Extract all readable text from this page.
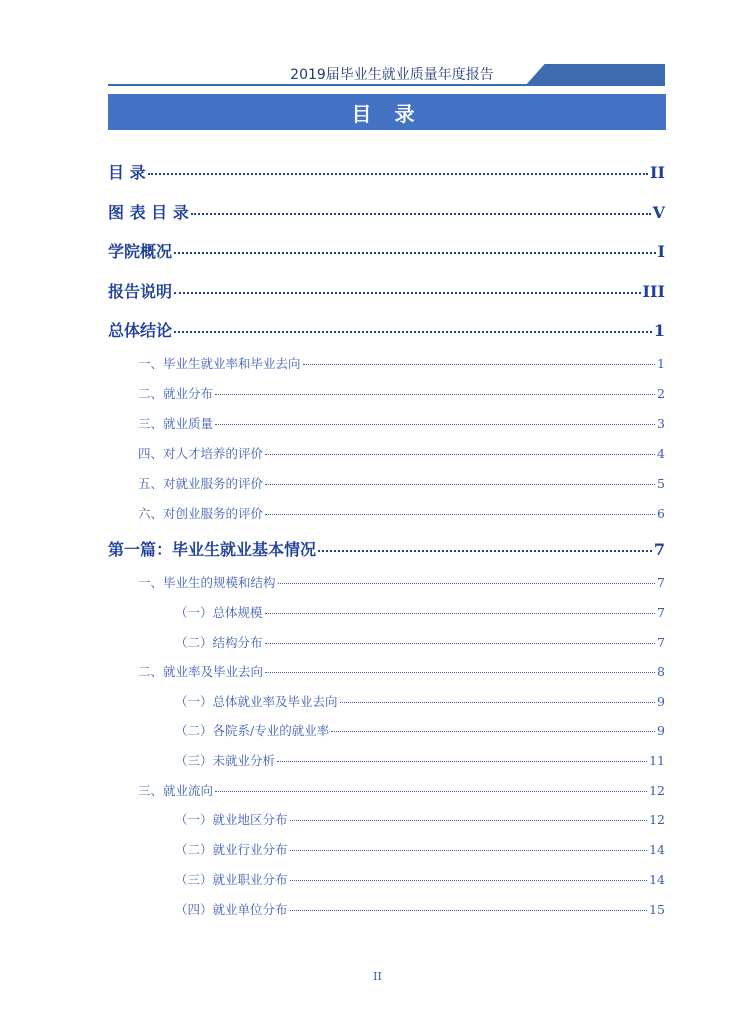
2019届毕业生就业质量年度报告
目 录
目 录	II
图 表 目 录	V
学院概况	I
报告说明	III
总体结论	1
一、毕业生就业率和毕业去向	1
二、就业分布	2
三、就业质量	3
四、对人才培养的评价	4
五、对就业服务的评价	5
六、对创业服务的评价	6
第一篇：毕业生就业基本情况	7
一、毕业生的规模和结构	7
（一）总体规模	7
（二）结构分布	7
二、就业率及毕业去向	8
（一）总体就业率及毕业去向	9
（二）各院系/专业的就业率	9
（三）未就业分析	11
三、就业流向	12
（一）就业地区分布	12
（二）就业行业分布	14
（三）就业职业分布	14
（四）就业单位分布	15
II
